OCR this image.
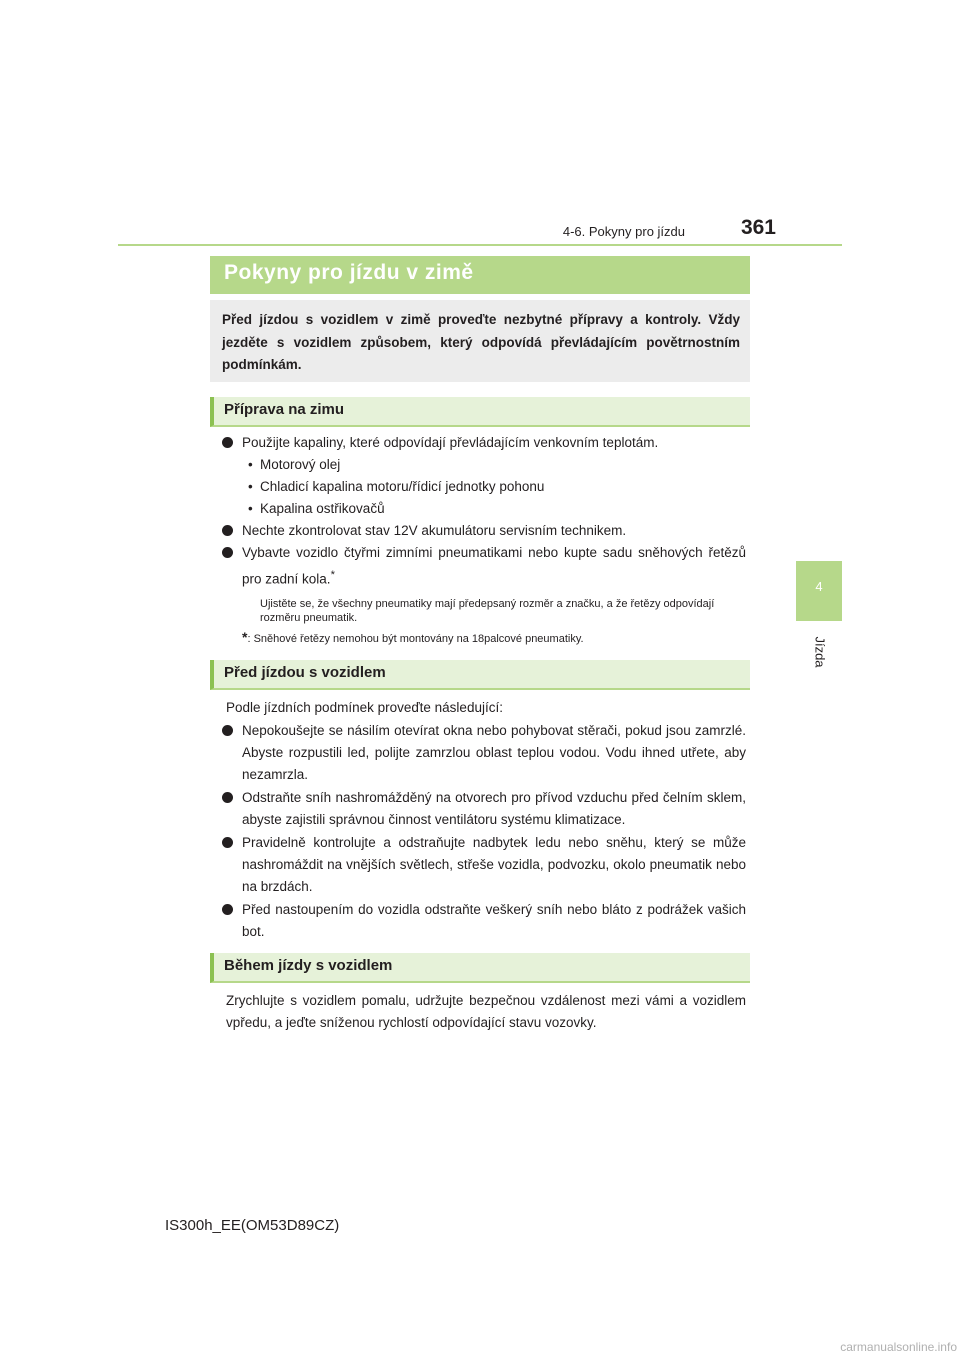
4-6. Pokyny pro jízdu	361
4
Jízda
Pokyny pro jízdu v zimě

Před jízdou s vozidlem v zimě proveďte nezbytné přípravy a kontroly. Vždy jezděte s vozidlem způsobem, který odpovídá převládajícím povětrnostním podmínkám.

Příprava na zimu
Použijte kapaliny, které odpovídají převládajícím venkovním teplotám.
• Motorový olej
• Chladicí kapalina motoru/řídicí jednotky pohonu
• Kapalina ostřikovačů
Nechte zkontrolovat stav 12V akumulátoru servisním technikem.
Vybavte vozidlo čtyřmi zimními pneumatikami nebo kupte sadu sněhových řetězů pro zadní kola.*
Ujistěte se, že všechny pneumatiky mají předepsaný rozměr a značku, a že řetězy odpovídají rozměru pneumatik.
*: Sněhové řetězy nemohou být montovány na 18palcové pneumatiky.
Před jízdou s vozidlem
Podle jízdních podmínek proveďte následující:
Nepokoušejte se násilím otevírat okna nebo pohybovat stěrači, pokud jsou zamrzlé. Abyste rozpustili led, polijte zamrzlou oblast teplou vodou. Vodu ihned utřete, aby nezamrzla.
Odstraňte sníh nashromážděný na otvorech pro přívod vzduchu před čelním sklem, abyste zajistili správnou činnost ventilátoru systému klimatizace.
Pravidelně kontrolujte a odstraňujte nadbytek ledu nebo sněhu, který se může nashromáždit na vnějších světlech, střeše vozidla, podvozku, okolo pneumatik nebo na brzdách.
Před nastoupením do vozidla odstraňte veškerý sníh nebo bláto z podrážek vašich bot.
Během jízdy s vozidlem
Zrychlujte s vozidlem pomalu, udržujte bezpečnou vzdálenost mezi vámi a vozidlem vpředu, a jeďte sníženou rychlostí odpovídající stavu vozovky.
IS300h_EE(OM53D89CZ)
carmanualsonline.info
